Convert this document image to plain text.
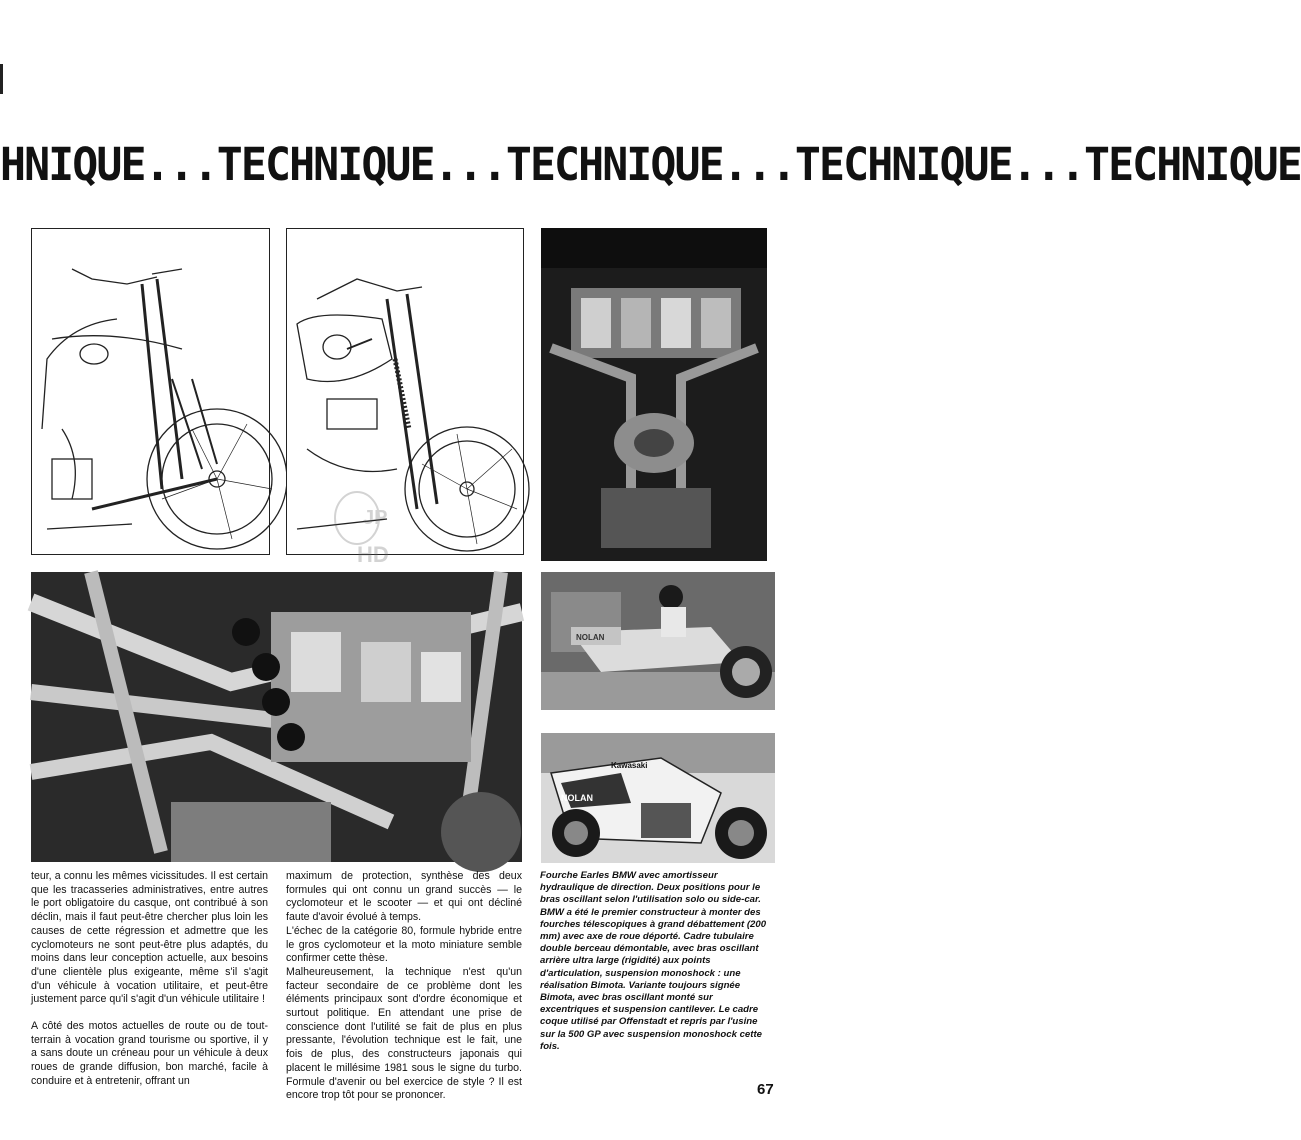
HNIQUE...TECHNIQUE...TECHNIQUE...TECHNIQUE...TECHNIQUE
NOLAN
Kawasaki
NOLAN
JP
HD

teur, a connu les mêmes vicissitudes. Il est certain que les tracasseries administratives, entre autres le port obligatoire du casque, ont contribué à son déclin, mais il faut peut-être chercher plus loin les causes de cette régression et admettre que les cyclomoteurs ne sont peut-être plus adaptés, du moins dans leur conception actuelle, aux besoins d'une clientèle plus exigeante, même s'il s'agit d'un véhicule à vocation utilitaire, et peut-être justement parce qu'il s'agit d'un véhicule utilitaire !

A côté des motos actuelles de route ou de tout-terrain à vocation grand tourisme ou sportive, il y a sans doute un créneau pour un véhicule à deux roues de grande diffusion, bon marché, facile à conduire et à entretenir, offrant un

maximum de protection, synthèse des deux formules qui ont connu un grand succès — le cyclomoteur et le scooter — et qui ont décliné faute d'avoir évolué à temps.

L'échec de la catégorie 80, formule hybride entre le gros cyclomoteur et la moto miniature semble confirmer cette thèse.

Malheureusement, la technique n'est qu'un facteur secondaire de ce problème dont les éléments principaux sont d'ordre économique et surtout politique. En attendant une prise de conscience dont l'utilité se fait de plus en plus pressante, l'évolution technique est le fait, une fois de plus, des constructeurs japonais qui placent le millésime 1981 sous le signe du turbo. Formule d'avenir ou bel exercice de style ? Il est encore trop tôt pour se prononcer.

Fourche Earles BMW avec amortisseur hydraulique de direction. Deux positions pour le bras oscillant selon l'utilisation solo ou side-car. BMW a été le premier constructeur à monter des fourches télescopiques à grand débattement (200 mm) avec axe de roue déporté. Cadre tubulaire double berceau démontable, avec bras oscillant arrière ultra large (rigidité) aux points d'articulation, suspension monoshock : une réalisation Bimota. Variante toujours signée Bimota, avec bras oscillant monté sur excentriques et suspension cantilever. Le cadre coque utilisé par Offenstadt et repris par l'usine sur la 500 GP avec suspension monoshock cette fois.
67
